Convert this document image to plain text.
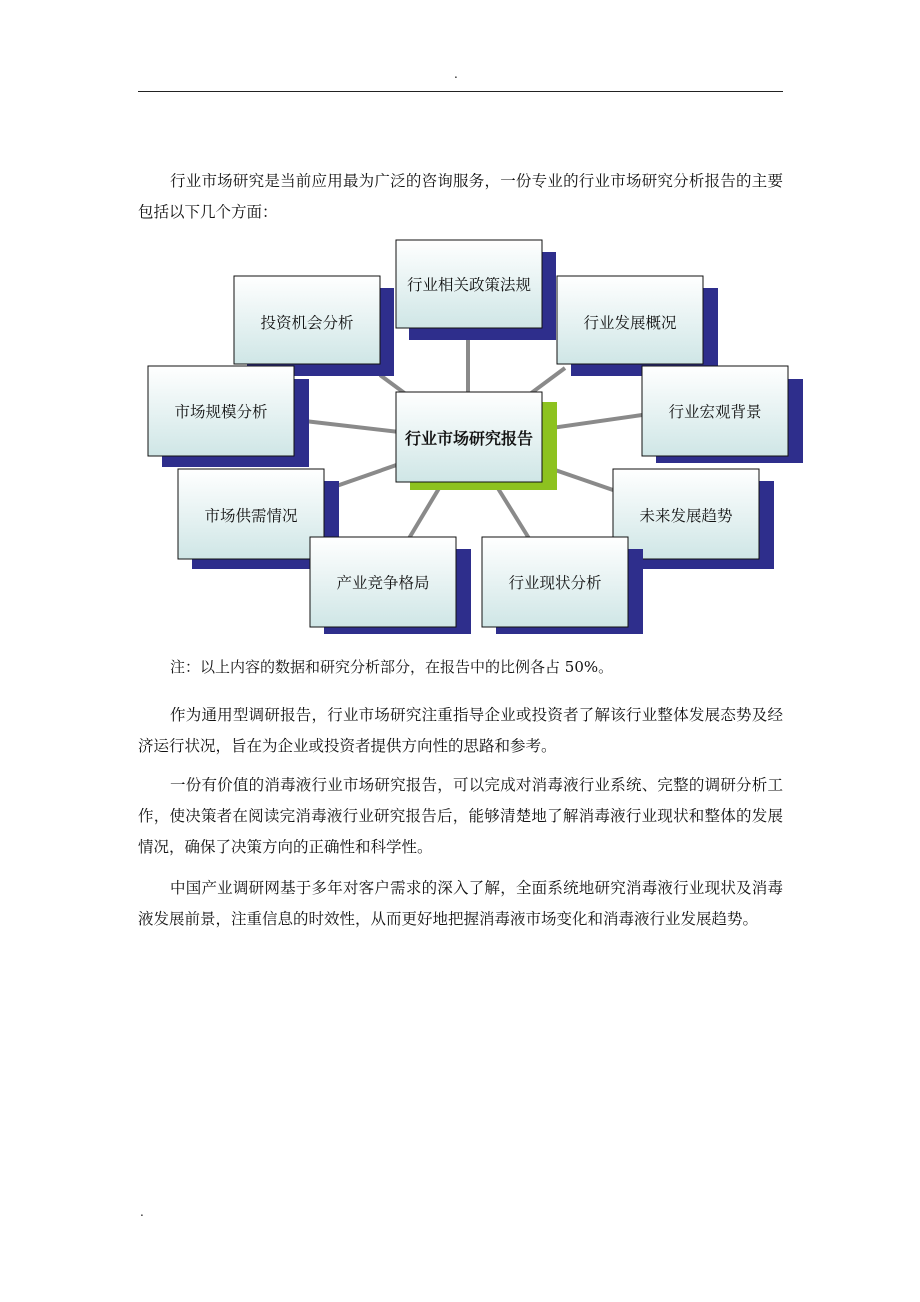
.

行业市场研究是当前应用最为广泛的咨询服务，一份专业的行业市场研究分析报告的主要包括以下几个方面：

行业相关政策法规
投资机会分析	行业发展概况
市场规模分析	行业宏观背景
市场供需情况	未来发展趋势
产业竞争格局	行业现状分析
行业市场研究报告

注：以上内容的数据和研究分析部分，在报告中的比例各占 50%。

作为通用型调研报告，行业市场研究注重指导企业或投资者了解该行业整体发展态势及经济运行状况，旨在为企业或投资者提供方向性的思路和参考。

一份有价值的消毒液行业市场研究报告，可以完成对消毒液行业系统、完整的调研分析工作，使决策者在阅读完消毒液行业研究报告后，能够清楚地了解消毒液行业现状和整体的发展情况，确保了决策方向的正确性和科学性。

中国产业调研网基于多年对客户需求的深入了解，全面系统地研究消毒液行业现状及消毒液发展前景，注重信息的时效性，从而更好地把握消毒液市场变化和消毒液行业发展趋势。

.
